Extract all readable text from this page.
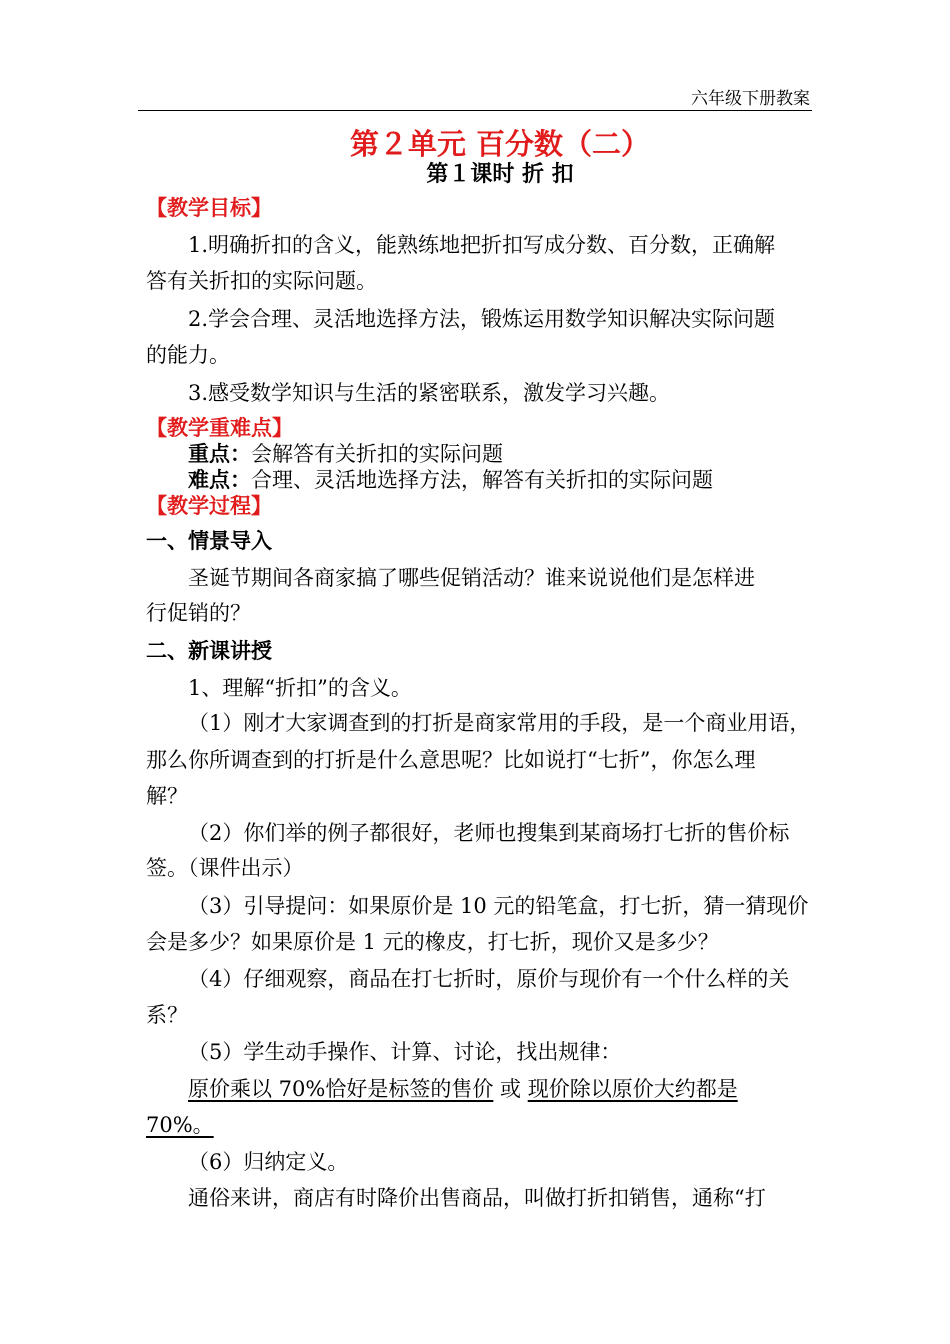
六年级下册教案
第２单元 百分数（二）
第１课时 折 扣
【教学目标】
1.明确折扣的含义，能熟练地把折扣写成分数、百分数，正确解
答有关折扣的实际问题。
2.学会合理、灵活地选择方法，锻炼运用数学知识解决实际问题
的能力。
3.感受数学知识与生活的紧密联系，激发学习兴趣。
【教学重难点】
重点：会解答有关折扣的实际问题
难点：合理、灵活地选择方法，解答有关折扣的实际问题
【教学过程】
一、情景导入
圣诞节期间各商家搞了哪些促销活动？谁来说说他们是怎样进
行促销的？
二、新课讲授
1、理解“折扣”的含义。
（1）刚才大家调查到的打折是商家常用的手段，是一个商业用语，
那么你所调查到的打折是什么意思呢？比如说打“七折”，你怎么理
解？
（2）你们举的例子都很好，老师也搜集到某商场打七折的售价标
签。（课件出示）
（3）引导提问：如果原价是 10 元的铅笔盒，打七折，猜一猜现价
会是多少？如果原价是 1 元的橡皮，打七折，现价又是多少？
（4）仔细观察，商品在打七折时，原价与现价有一个什么样的关
系？
（5）学生动手操作、计算、讨论，找出规律：
原价乘以 70%恰好是标签的售价 或 现价除以原价大约都是
70%。
（6）归纳定义。
通俗来讲，商店有时降价出售商品，叫做打折扣销售，通称“打
